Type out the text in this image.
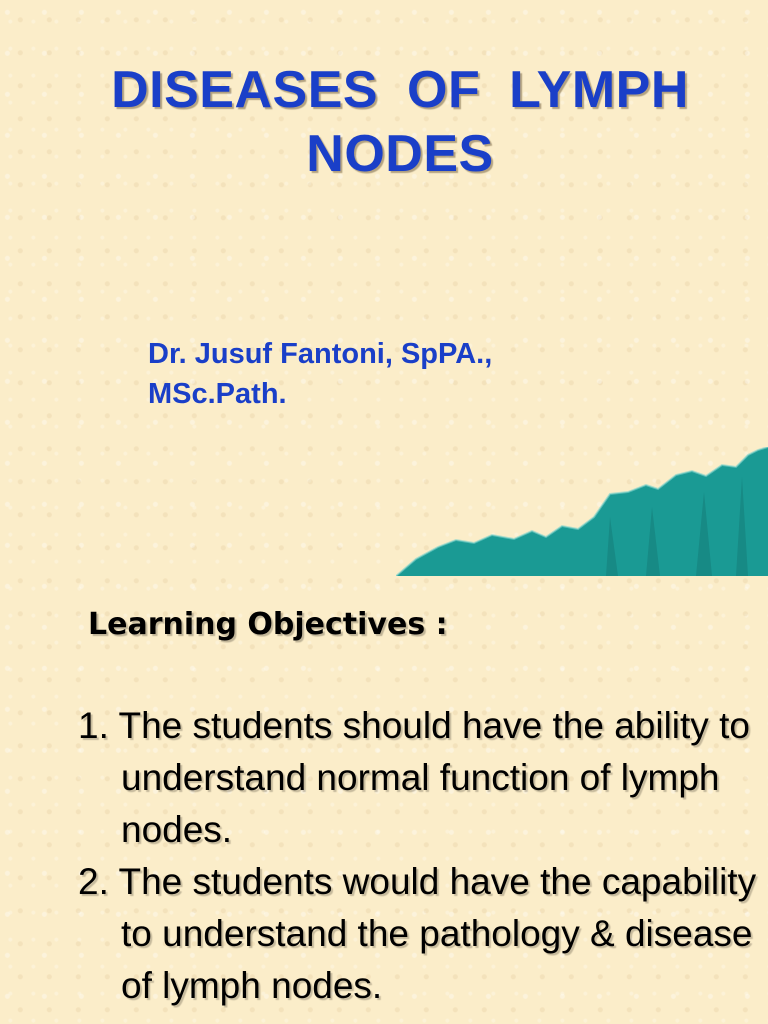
DISEASES OF LYMPH
NODES
Dr. Jusuf Fantoni, SpPA.,
MSc.Path.
Learning Objectives :
1. The students should have the ability to understand normal function of lymph nodes.
2. The students would have the capability to understand the pathology & disease of lymph nodes.
